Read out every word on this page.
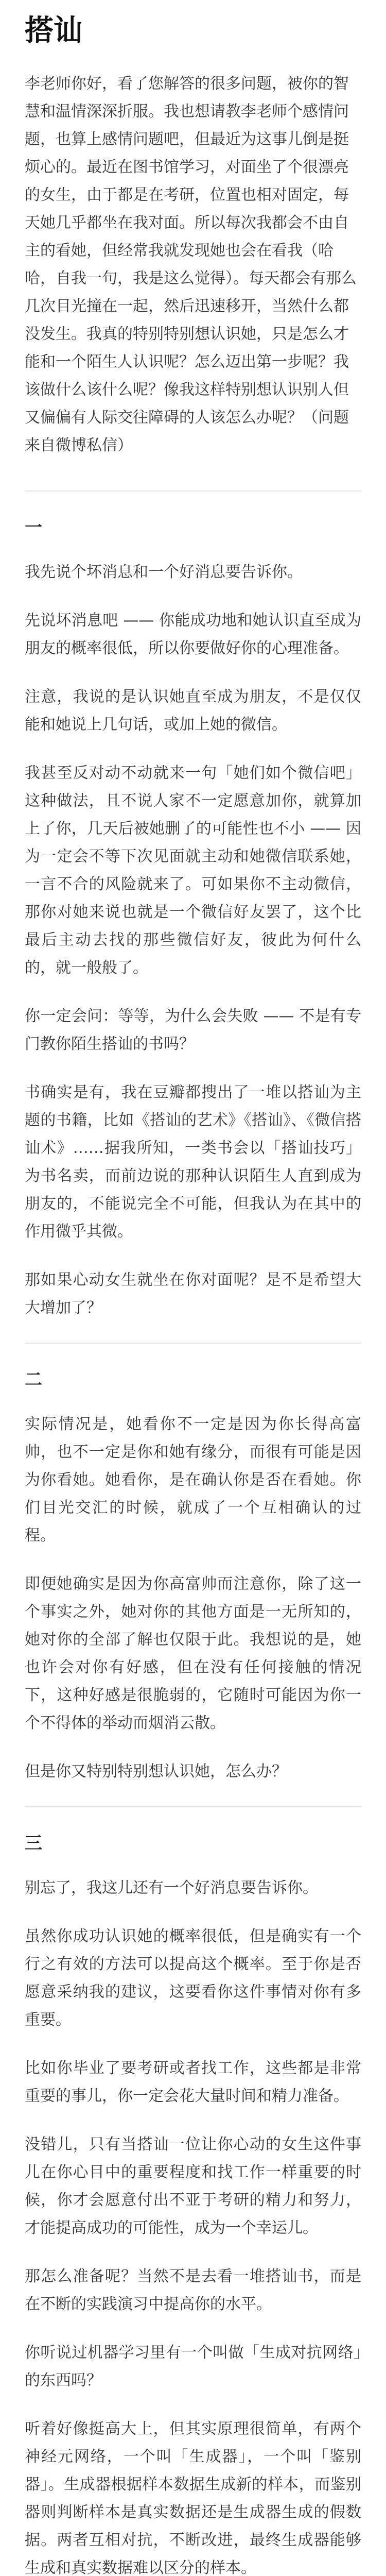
搭讪
李老师你好，看了您解答的很多问题，被你的智慧和温情深深折服。我也想请教李老师个感情问题，也算上感情问题吧，但最近为这事儿倒是挺烦心的。最近在图书馆学习，对面坐了个很漂亮的女生，由于都是在考研，位置也相对固定，每天她几乎都坐在我对面。所以每次我都会不由自主的看她，但经常我就发现她也会在看我（哈哈，自我一句，我是这么觉得）。每天都会有那么几次目光撞在一起，然后迅速移开，当然什么都没发生。我真的特别特别想认识她，只是怎么才能和一个陌生人认识呢？怎么迈出第一步呢？我该做什么该什么呢？像我这样特别想认识别人但又偏偏有人际交往障碍的人该怎么办呢？（问题来自微博私信）
一
我先说个坏消息和一个好消息要告诉你。
先说坏消息吧 —— 你能成功地和她认识直至成为朋友的概率很低，所以你要做好你的心理准备。
注意，我说的是认识她直至成为朋友，不是仅仅能和她说上几句话，或加上她的微信。
我甚至反对动不动就来一句「她们如个微信吧」这种做法，且不说人家不一定愿意加你，就算加上了你，几天后被她删了的可能性也不小 —— 因为一定会不等下次见面就主动和她微信联系她，一言不合的风险就来了。可如果你不主动微信，那你对她来说也就是一个微信好友罢了，这个比最后主动去找的那些微信好友，彼此为何什么的，就一般般了。
你一定会问：等等，为什么会失败 —— 不是有专门教你陌生搭讪的书吗？
书确实是有，我在豆瓣都搜出了一堆以搭讪为主题的书籍，比如《搭讪的艺术》《搭讪》、《微信搭讪术》……据我所知，一类书会以「搭讪技巧」为书名卖，而前边说的那种认识陌生人直到成为朋友的，不能说完全不可能，但我认为在其中的作用微乎其微。
那如果心动女生就坐在你对面呢？是不是希望大大增加了？
二
实际情况是，她看你不一定是因为你长得高富帅，也不一定是你和她有缘分，而很有可能是因为你看她。她看你，是在确认你是否在看她。你们目光交汇的时候，就成了一个互相确认的过程。
即便她确实是因为你高富帅而注意你，除了这一个事实之外，她对你的其他方面是一无所知的，她对你的全部了解也仅限于此。我想说的是，她也许会对你有好感，但在没有任何接触的情况下，这种好感是很脆弱的，它随时可能因为你一个不得体的举动而烟消云散。
但是你又特别特别想认识她，怎么办？
三
别忘了，我这儿还有一个好消息要告诉你。
虽然你成功认识她的概率很低，但是确实有一个行之有效的方法可以提高这个概率。至于你是否愿意采纳我的建议，这要看你这件事情对你有多重要。
比如你毕业了要考研或者找工作，这些都是非常重要的事儿，你一定会花大量时间和精力准备。
没错儿，只有当搭讪一位让你心动的女生这件事儿在你心目中的重要程度和找工作一样重要的时候，你才会愿意付出不亚于考研的精力和努力，才能提高成功的可能性，成为一个幸运儿。
那怎么准备呢？当然不是去看一堆搭讪书，而是在不断的实践演习中提高你的水平。
你听说过机器学习里有一个叫做「生成对抗网络」的东西吗？
听着好像挺高大上，但其实原理很简单，有两个神经元网络，一个叫「生成器」，一个叫「鉴别器」。生成器根据样本数据生成新的样本，而鉴别器则判断样本是真实数据还是生成器生成的假数据。两者互相对抗，不断改进，最终生成器能够生成和真实数据难以区分的样本。
